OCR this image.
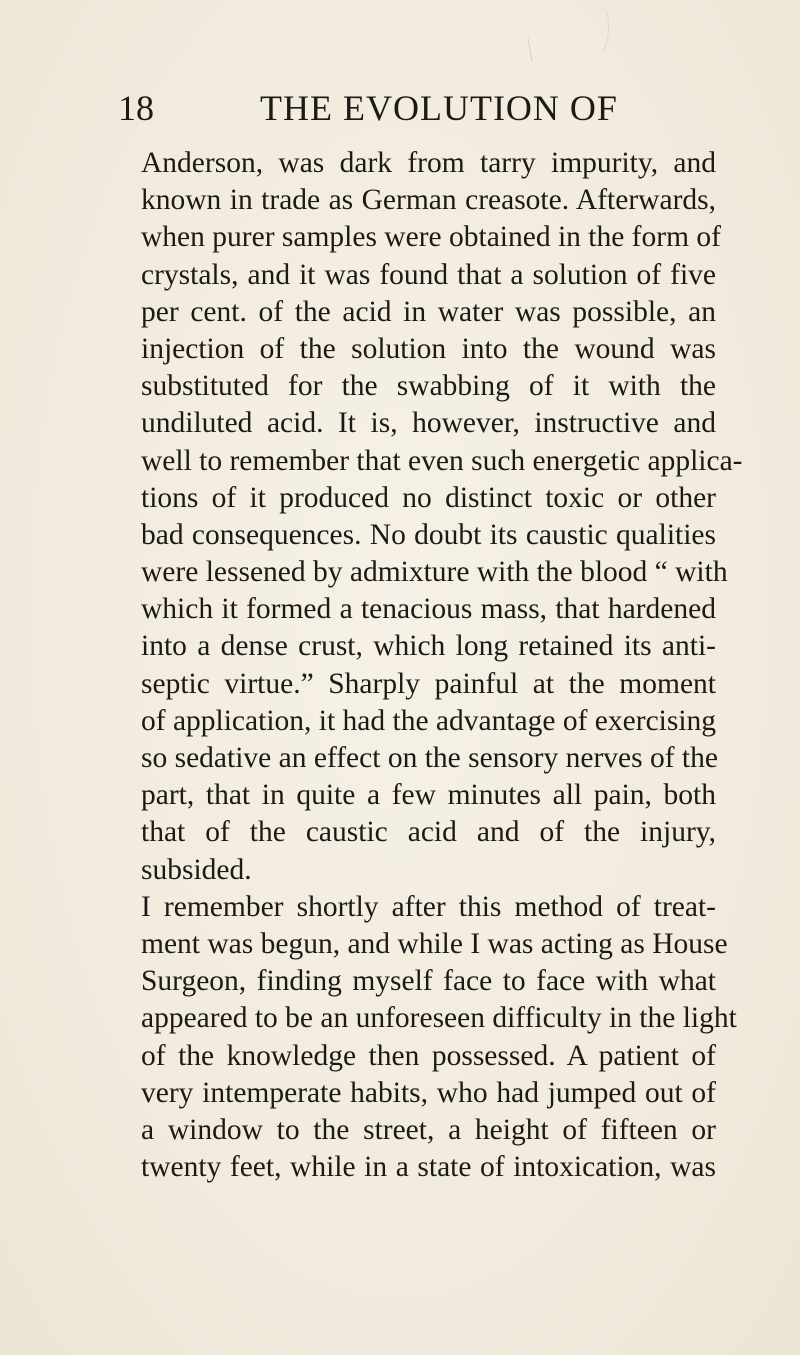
18	THE EVOLUTION OF
Anderson, was dark from tarry impurity, and
known in trade as German creasote. Afterwards,
when purer samples were obtained in the form of
crystals, and it was found that a solution of five
per cent. of the acid in water was possible, an
injection of the solution into the wound was
substituted for the swabbing of it with the
undiluted acid. It is, however, instructive and
well to remember that even such energetic applica-
tions of it produced no distinct toxic or other
bad consequences. No doubt its caustic qualities
were lessened by admixture with the blood “ with
which it formed a tenacious mass, that hardened
into a dense crust, which long retained its anti-
septic virtue.” Sharply painful at the moment
of application, it had the advantage of exercising
so sedative an effect on the sensory nerves of the
part, that in quite a few minutes all pain, both
that of the caustic acid and of the injury,
subsided.
I remember shortly after this method of treat-
ment was begun, and while I was acting as House
Surgeon, finding myself face to face with what
appeared to be an unforeseen difficulty in the light
of the knowledge then possessed. A patient of
very intemperate habits, who had jumped out of
a window to the street, a height of fifteen or
twenty feet, while in a state of intoxication, was
